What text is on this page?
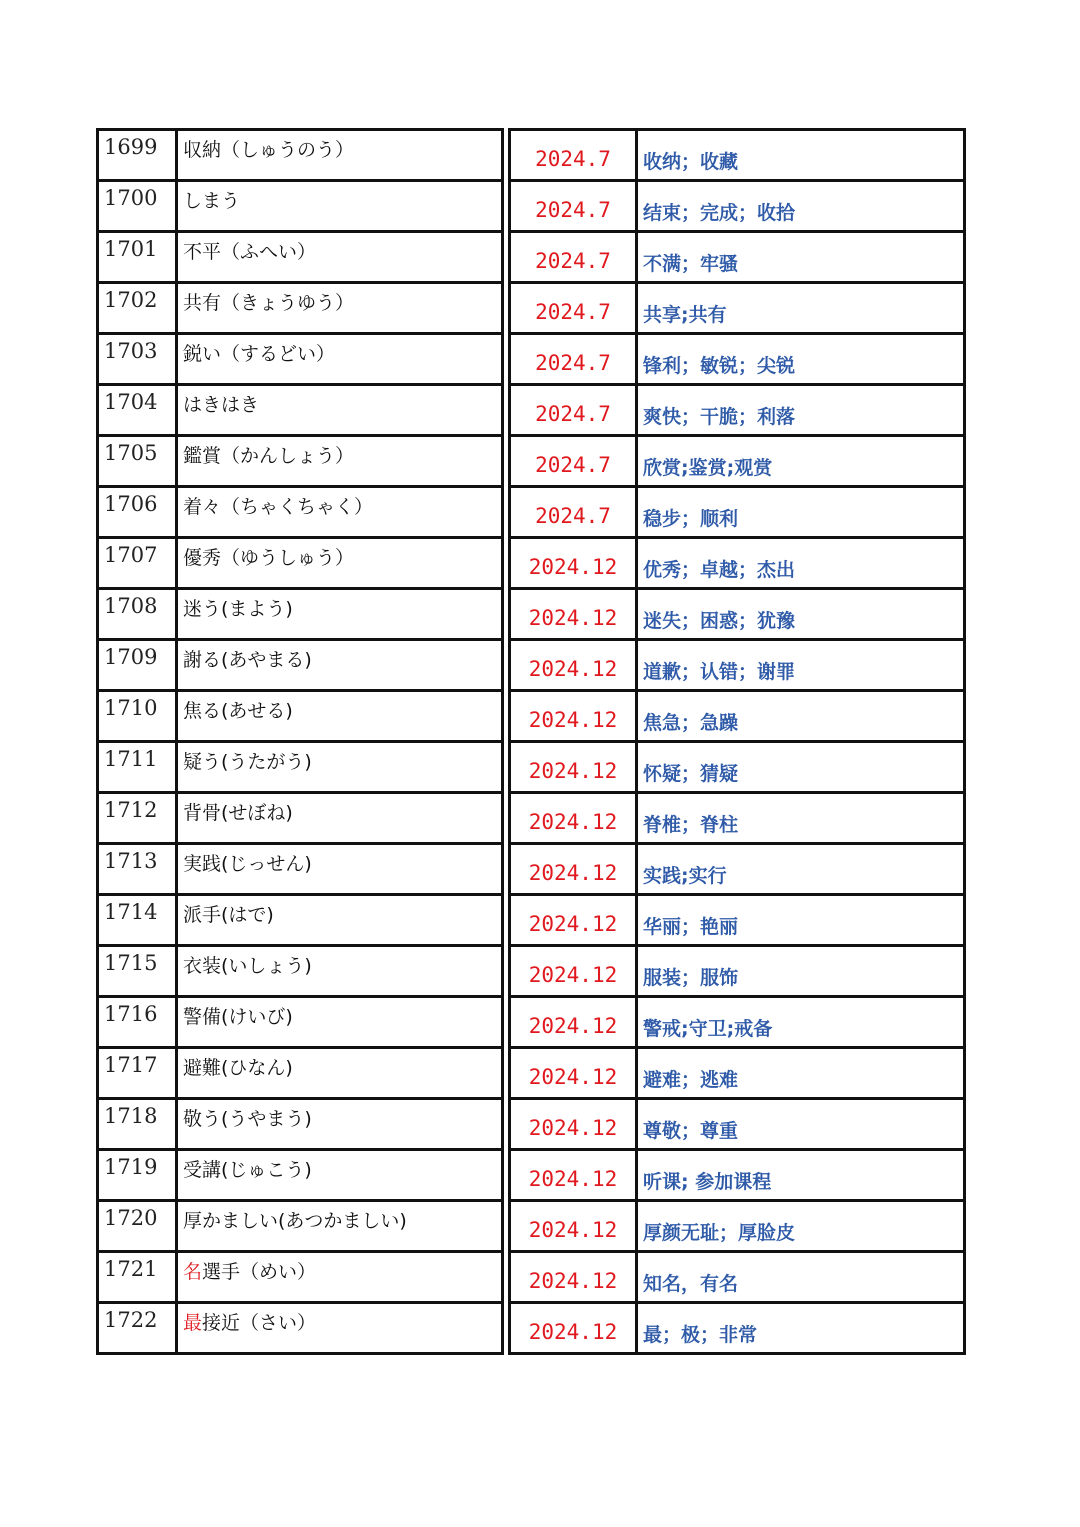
1699	収納（しゅうのう）		2024.7	收纳；收藏

1700	しまう		2024.7	结束；完成；收拾

1701	不平（ふへい）		2024.7	不满；牢骚

1702	共有（きょうゆう）		2024.7	共享;共有

1703	鋭い（するどい）		2024.7	锋利；敏锐；尖锐

1704	はきはき		2024.7	爽快；干脆；利落

1705	鑑賞（かんしょう）		2024.7	欣赏;鉴赏;观赏

1706	着々（ちゃくちゃく）		2024.7	稳步；顺利

1707	優秀（ゆうしゅう）		2024.12	优秀；卓越；杰出

1708	迷う(まよう)		2024.12	迷失；困惑；犹豫

1709	謝る(あやまる)		2024.12	道歉；认错；谢罪

1710	焦る(あせる)		2024.12	焦急；急躁

1711	疑う(うたがう)		2024.12	怀疑；猜疑

1712	背骨(せぼね)		2024.12	脊椎；脊柱

1713	実践(じっせん)		2024.12	实践;实行

1714	派手(はで)		2024.12	华丽；艳丽

1715	衣装(いしょう)		2024.12	服装；服饰

1716	警備(けいび)		2024.12	警戒;守卫;戒备

1717	避難(ひなん)		2024.12	避难；逃难

1718	敬う(うやまう)		2024.12	尊敬；尊重

1719	受講(じゅこう)		2024.12	听课; 参加课程

1720	厚かましい(あつかましい)		2024.12	厚颜无耻；厚脸皮

1721	名選手（めい）		2024.12	知名，有名

1722	最接近（さい）		2024.12	最；极；非常
